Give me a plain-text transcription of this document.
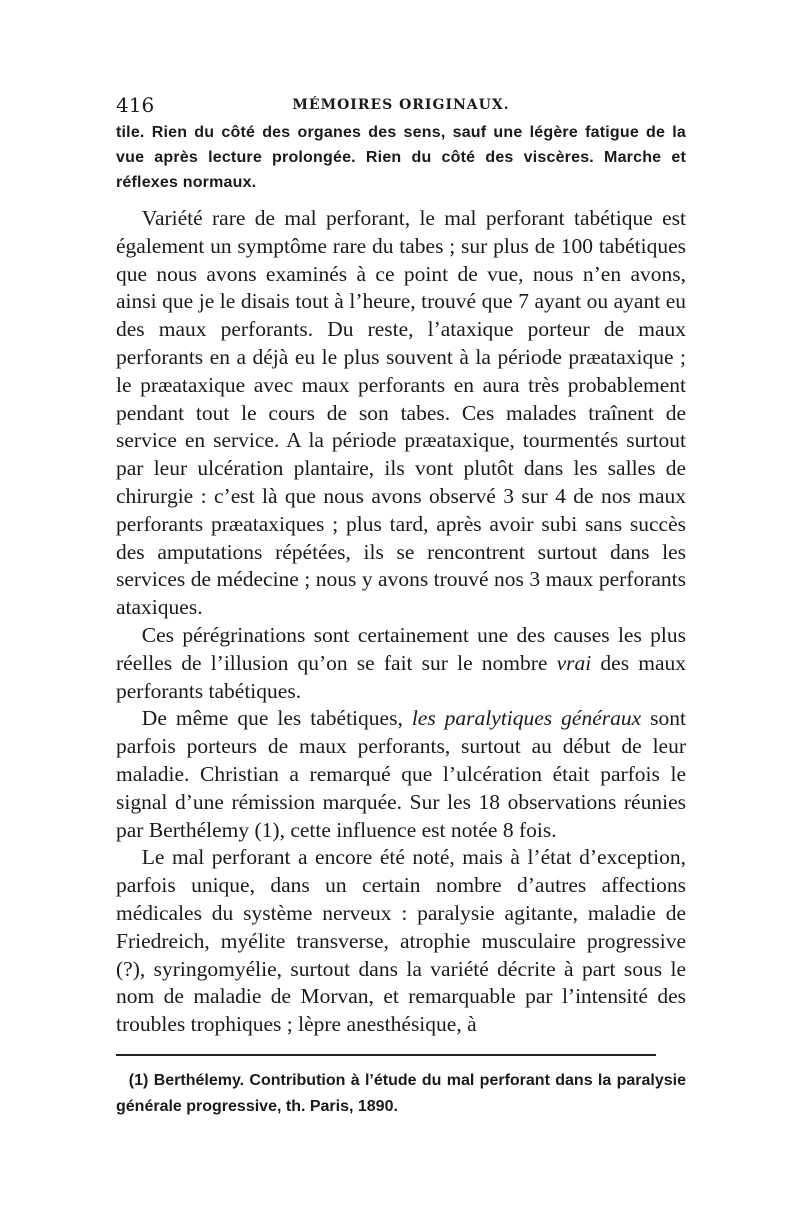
416	MÉMOIRES ORIGINAUX.

tile. Rien du côté des organes des sens, sauf une légère fatigue de la vue après lecture prolongée. Rien du côté des viscères. Marche et réflexes normaux.

Variété rare de mal perforant, le mal perforant tabétique est également un symptôme rare du tabes ; sur plus de 100 tabétiques que nous avons examinés à ce point de vue, nous n’en avons, ainsi que je le disais tout à l’heure, trouvé que 7 ayant ou ayant eu des maux perforants. Du reste, l’ataxique porteur de maux perforants en a déjà eu le plus souvent à la période præataxique ; le præataxique avec maux perforants en aura très probablement pendant tout le cours de son tabes. Ces malades traînent de service en service. A la période præataxique, tourmentés surtout par leur ulcération plantaire, ils vont plutôt dans les salles de chirurgie : c’est là que nous avons observé 3 sur 4 de nos maux perforants præataxiques ; plus tard, après avoir subi sans succès des amputations répétées, ils se rencontrent surtout dans les services de médecine ; nous y avons trouvé nos 3 maux perforants ataxiques.

Ces pérégrinations sont certainement une des causes les plus réelles de l’illusion qu’on se fait sur le nombre vrai des maux perforants tabétiques.

De même que les tabétiques, les paralytiques généraux sont parfois porteurs de maux perforants, surtout au début de leur maladie. Christian a remarqué que l’ulcération était parfois le signal d’une rémission marquée. Sur les 18 observations réunies par Berthélemy (1), cette influence est notée 8 fois.

Le mal perforant a encore été noté, mais à l’état d’exception, parfois unique, dans un certain nombre d’autres affections médicales du système nerveux : paralysie agitante, maladie de Friedreich, myélite transverse, atrophie musculaire progressive (?), syringomyélie, surtout dans la variété décrite à part sous le nom de maladie de Morvan, et remarquable par l’intensité des troubles trophiques ; lèpre anesthésique, à

(1) Berthélemy. Contribution à l’étude du mal perforant dans la paralysie générale progressive, th. Paris, 1890.
